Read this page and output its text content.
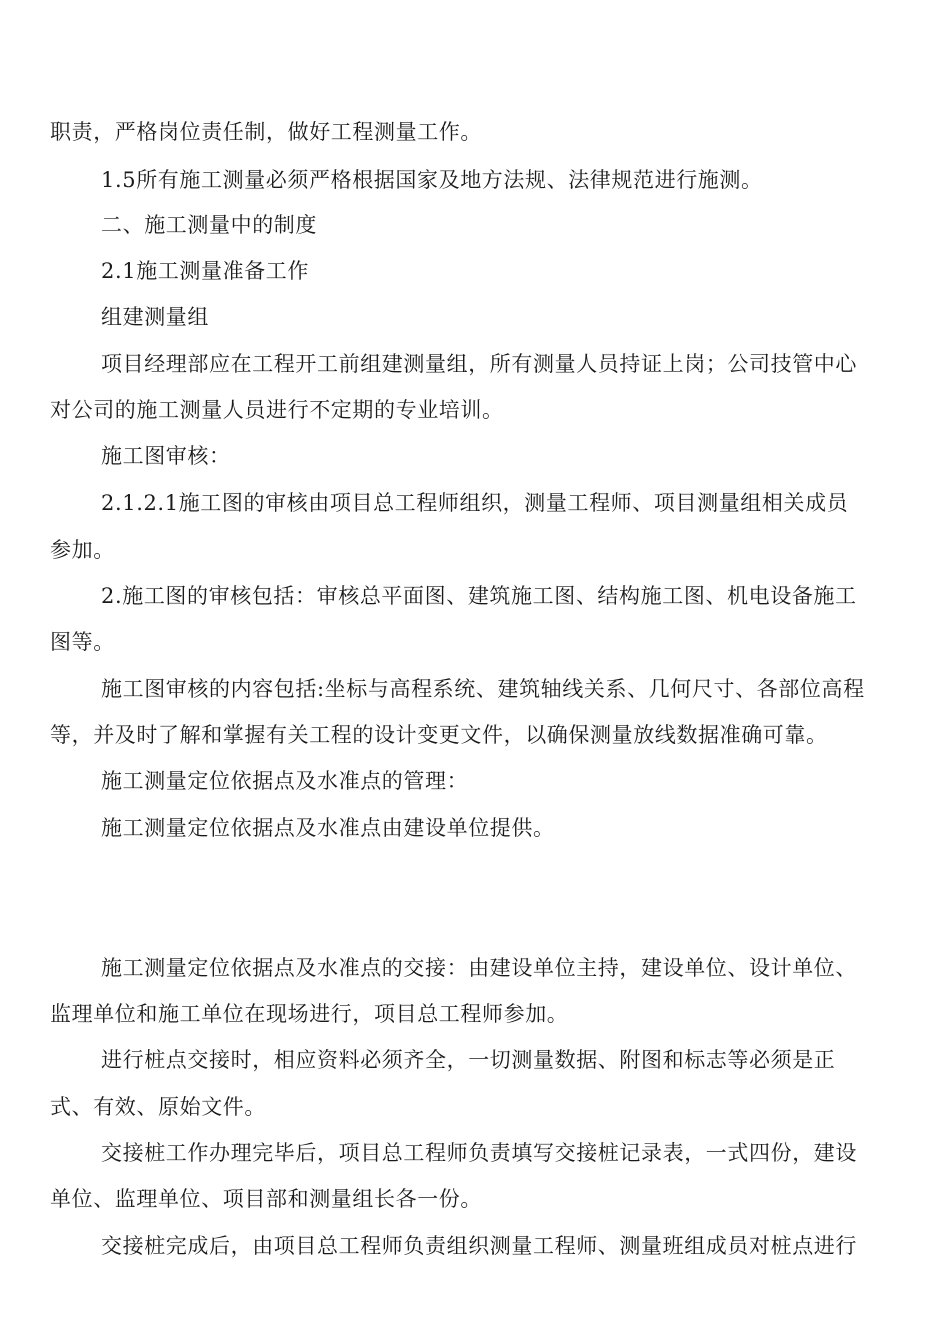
职责，严格岗位责任制，做好工程测量工作。
1.5所有施工测量必须严格根据国家及地方法规、法律规范进行施测。
二、施工测量中的制度
2.1施工测量准备工作
组建测量组
项目经理部应在工程开工前组建测量组，所有测量人员持证上岗；公司技管中心
对公司的施工测量人员进行不定期的专业培训。
施工图审核：
2.1.2.1施工图的审核由项目总工程师组织，测量工程师、项目测量组相关成员
参加。
2.施工图的审核包括：审核总平面图、建筑施工图、结构施工图、机电设备施工
图等。
施工图审核的内容包括:坐标与高程系统、建筑轴线关系、几何尺寸、各部位高程
等，并及时了解和掌握有关工程的设计变更文件，以确保测量放线数据准确可靠。
施工测量定位依据点及水准点的管理：
施工测量定位依据点及水准点由建设单位提供。
施工测量定位依据点及水准点的交接：由建设单位主持，建设单位、设计单位、
监理单位和施工单位在现场进行，项目总工程师参加。
进行桩点交接时，相应资料必须齐全，一切测量数据、附图和标志等必须是正
式、有效、原始文件。
交接桩工作办理完毕后，项目总工程师负责填写交接桩记录表，一式四份，建设
单位、监理单位、项目部和测量组长各一份。
交接桩完成后，由项目总工程师负责组织测量工程师、测量班组成员对桩点进行
